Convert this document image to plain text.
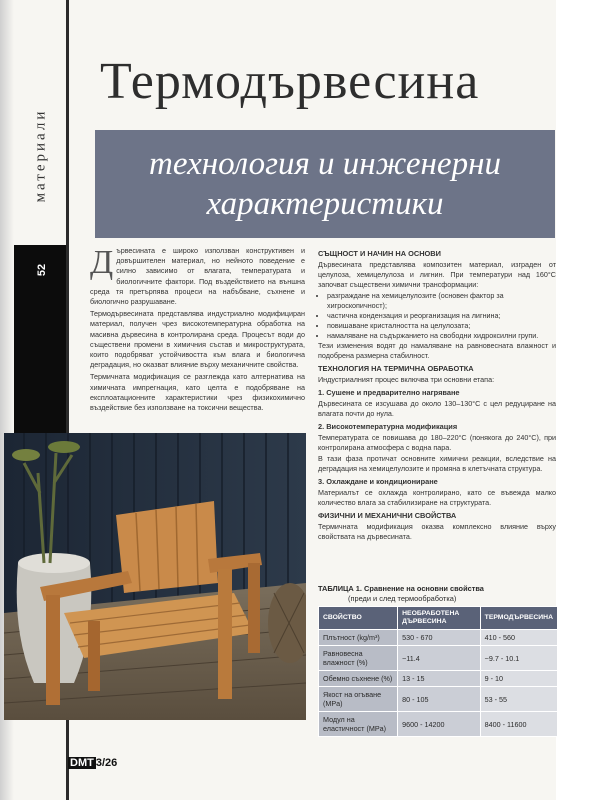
материали
52
Термодървесина
технология и инженерни
характеристики

Дървесината е широко използван конструктивен и довършителен материал, но нейното поведение е силно зависимо от влагата, температурата и биологичните фактори. Под въздействието на външна среда тя претърпява процеси на набъбване, съхнене и биологично разрушаване.

Термодървесината представлява индустриално модифициран материал, получен чрез високотемпературна обработка на масивна дървесина в контролирана среда. Процесът води до съществени промени в химичния състав и микроструктурата, които подобряват устойчивостта към влага и биологична деградация, но оказват влияние върху механичните свойства.

Термичната модификация се разглежда като алтернатива на химичната импрегнация, като целта е подобряване на експлоатационните характеристики чрез физикохимично въздействие без използване на токсични вещества.

СЪЩНОСТ И НАЧИН НА ОСНОВИ

Дървесината представлява композитен материал, изграден от целулоза, хемицелулоза и лигнин. При температури над 160°C започват съществени химични трансформации:

• разграждане на хемицелулозите (основен фактор за хигроскопичност);
• частична кондензация и реорганизация на лигнина;
• повишаване кристалността на целулозата;
• намаляване на съдържанието на свободни хидроксилни групи.

Тези изменения водят до намаляване на равновесната влажност и подобрена размерна стабилност.

ТЕХНОЛОГИЯ НА ТЕРМИЧНА ОБРАБОТКА

Индустриалният процес включва три основни етапа:

1. Сушене и предварително нагряване

Дървесината се изсушава до около 130–130°C с цел редуциране на влагата почти до нула.

2. Високотемпературна модификация

Температурата се повишава до 180–220°C (понякога до 240°C), при контролирана атмосфера с водна пара.

В тази фаза протичат основните химични реакции, вследствие на деградация на хемицелулозите и промяна в клетъчната структура.

3. Охлаждане и кондициониране

Материалът се охлажда контролирано, като се въвежда малко количество влага за стабилизиране на структурата.

ФИЗИЧНИ И МЕХАНИЧНИ СВОЙСТВА

Термичната модификация оказва комплексно влияние върху свойствата на дървесината.

ТАБЛИЦА 1. Сравнение на основни свойства
(преди и след термообработка)
СВОЙСТВО	НЕОБРАБОТЕНА ДЪРВЕСИНА	ТЕРМОДЪРВЕСИНА
Плътност (kg/m³)	530 - 670	410 - 560
Равновесна влажност (%)	~11.4	~9.7 - 10.1
Обемно съхнене (%)	13 - 15	9 - 10
Якост на огъване (MPa)	80 - 105	53 - 55
Модул на еластичност (MPa)	9600 - 14200	8400 - 11600
DMT 3/26
